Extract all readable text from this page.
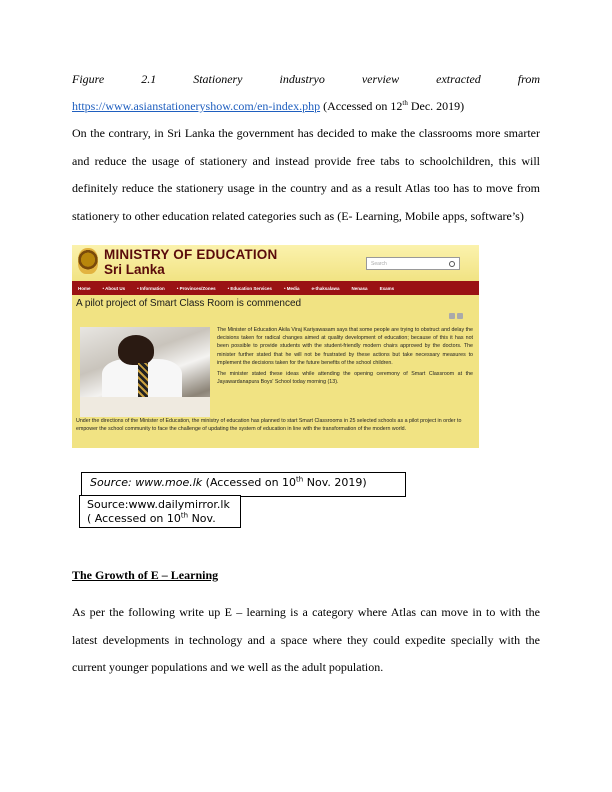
Figure	2.1	Stationery	industryo	verview	extracted	from
https://www.asianstationeryshow.com/en-index.php (Accessed on 12th Dec. 2019)

On the contrary, in Sri Lanka the government has decided to make the classrooms more smarter
and reduce the usage of stationery and instead provide free tabs to schoolchildren, this will
definitely reduce the stationery usage in the country and as a result Atlas too has to move from
stationery to other education related categories such as (E- Learning, Mobile apps, software’s)

MINISTRY OF EDUCATION
Sri Lanka	Search
Home	• About Us	• Information	• Provinces/Zones	• Education Services	• Media	e-thaksalawa	Nenasa	Exams
A pilot project of Smart Class Room is commenced

The Minister of Education Akila Viraj Kariyawasam says that some people are trying to obstruct and delay the decisions taken for radical changes aimed at quality development of education; because of this it has not been possible to provide students with the student-friendly modern chairs approved by the doctors. The minister further stated that he will not be frustrated by these actions but take necessary measures to implement the decisions taken for the future benefits of the school children.

The minister stated these ideas while attending the opening ceremony of Smart Classroom at the Jayawardanapura Boys' School today morning (13).

Under the directions of the Minister of Education, the ministry of education has planned to start Smart Classrooms in 25 selected schools as a pilot project in order to empower the school community to face the challenge of updating the system of education in line with the transformation of the modern world.

Source: www.moe.lk (Accessed on 10th Nov. 2019)
Source:www.dailymirror.lk
( Accessed on 10th Nov.
The Growth of E – Learning

As per the following write up E – learning is a category where Atlas can move in to with the
latest developments in technology and a space where they could expedite specially with the
current younger populations and we well as the adult population.
